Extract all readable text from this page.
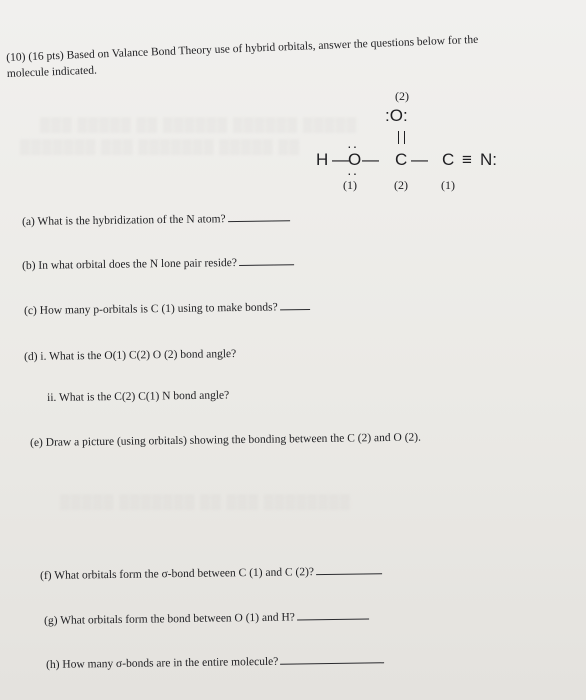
▒▒▒ ▒▒▒▒▒ ▒▒ ▒▒▒▒▒▒ ▒▒▒▒▒▒ ▒▒▒▒▒
▒▒▒▒▒▒▒ ▒▒▒ ▒▒▒▒▒▒▒ ▒▒▒▒▒ ▒▒
▒▒▒▒▒ ▒▒▒▒▒▒▒ ▒▒ ▒▒▒ ▒▒▒▒▒▒▒▒
(10) (16 pts) Based on Valance Bond Theory use of hybrid orbitals, answer the questions below for the
molecule indicated.
(2)
:O:
··
H — O — C — C ≡ N:
··
(1)	(2)	(1)
(a) What is the hybridization of the N atom?
(b) In what orbital does the N lone pair reside?
(c) How many p-orbitals is C (1) using to make bonds?
(d) i. What is the O(1) C(2) O (2) bond angle?
ii. What is the C(2) C(1) N bond angle?
(e) Draw a picture (using orbitals) showing the bonding between the C (2) and O (2).
(f) What orbitals form the σ-bond between C (1) and C (2)?
(g) What orbitals form the bond between O (1) and H?
(h) How many σ-bonds are in the entire molecule?
